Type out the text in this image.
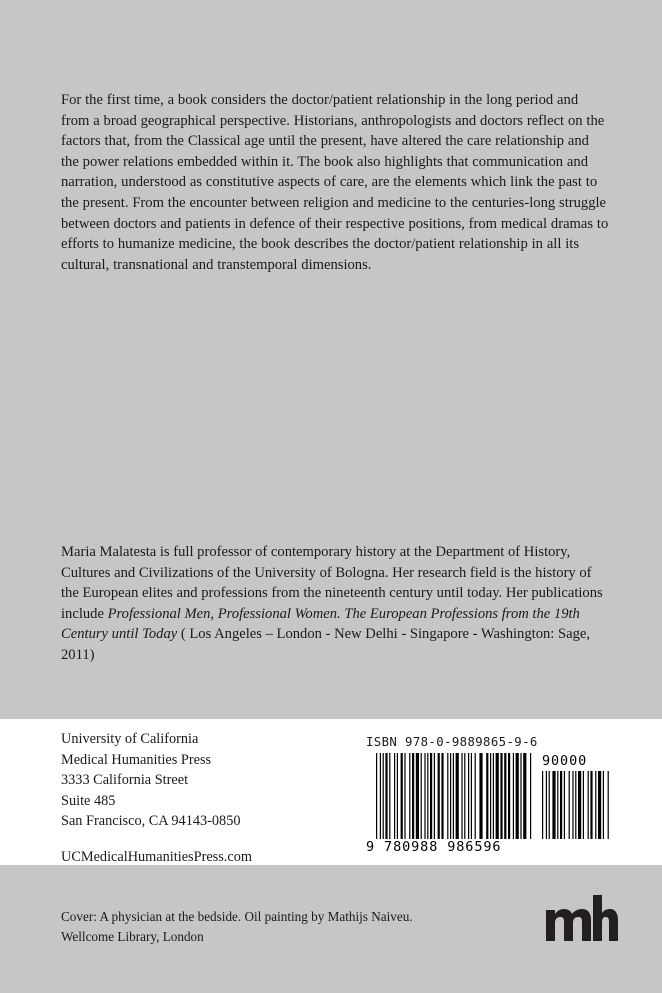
For the first time, a book considers the doctor/patient relationship in the long period and from a broad geographical perspective. Historians, anthropologists and doctors reflect on the factors that, from the Classical age until the present, have altered the care relationship and the power relations embedded within it. The book also highlights that communication and narration, understood as constitutive aspects of care, are the elements which link the past to the present. From the encounter between religion and medicine to the centuries-long struggle between doctors and patients in defence of their respective positions, from medical dramas to efforts to humanize medicine, the book describes the doctor/patient relationship in all its cultural, transnational and transtemporal dimensions.

Maria Malatesta is full professor of contemporary history at the Department of History, Cultures and Civilizations of the University of Bologna. Her research field is the history of the European elites and professions from the nineteenth century until today. Her publications include Professional Men, Professional Women. The European Professions from the 19th Century until Today ( Los Angeles – London - New Delhi - Singapore - Washington: Sage, 2011)

University of California
Medical Humanities Press
3333 California Street
Suite 485
San Francisco, CA 94143-0850
UCMedicalHumanitiesPress.com
ISBN 978-0-9889865-9-6
9 780988 986596
90000
Cover: A physician at the bedside. Oil painting by Mathijs Naiveu.
Wellcome Library, London
